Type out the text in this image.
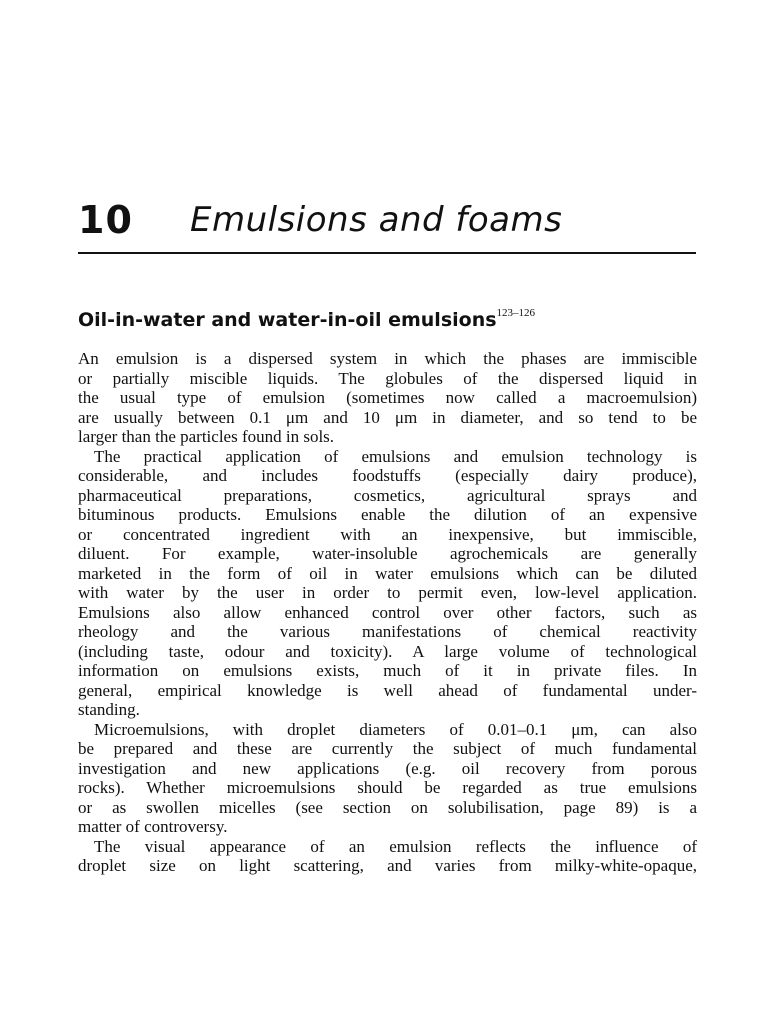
10 Emulsions and foams
Oil-in-water and water-in-oil emulsions$^{123-126}$
An emulsion is a dispersed system in which the phases are immiscible
or partially miscible liquids. The globules of the dispersed liquid in
the usual type of emulsion (sometimes now called a macroemulsion)
are usually between 0.1 μm and 10 μm in diameter, and so tend to be
larger than the particles found in sols.
The practical application of emulsions and emulsion technology is
considerable, and includes foodstuffs (especially dairy produce),
pharmaceutical preparations, cosmetics, agricultural sprays and
bituminous products. Emulsions enable the dilution of an expensive
or concentrated ingredient with an inexpensive, but immiscible,
diluent. For example, water-insoluble agrochemicals are generally
marketed in the form of oil in water emulsions which can be diluted
with water by the user in order to permit even, low-level application.
Emulsions also allow enhanced control over other factors, such as
rheology and the various manifestations of chemical reactivity
(including taste, odour and toxicity). A large volume of technological
information on emulsions exists, much of it in private files. In
general, empirical knowledge is well ahead of fundamental under-
standing.
Microemulsions, with droplet diameters of 0.01–0.1 μm, can also
be prepared and these are currently the subject of much fundamental
investigation and new applications (e.g. oil recovery from porous
rocks). Whether microemulsions should be regarded as true emulsions
or as swollen micelles (see section on solubilisation, page 89) is a
matter of controversy.
The visual appearance of an emulsion reflects the influence of
droplet size on light scattering, and varies from milky-white-opaque,
